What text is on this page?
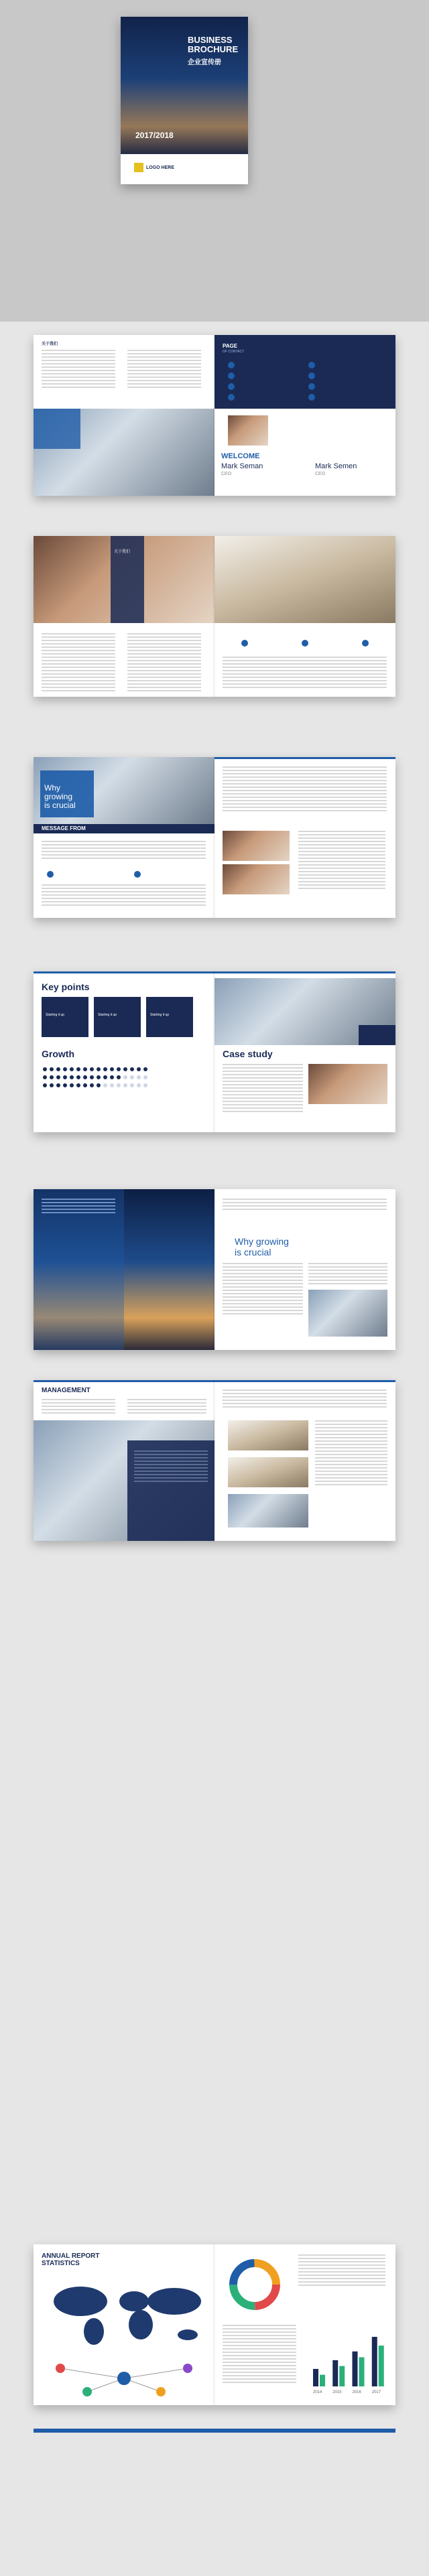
BUSINESS
BROCHURE
企业宣传册
2017/2018
LOGO HERE
关于我们	PAGE
OF CONTACT
WELCOME
Mark Seman
CEO
Mark Semen
CEO
关于我们
Why
growing
is crucial
MESSAGE FROM
Key points
Starting it up	Starting it up	Starting it up
Growth	Case study
Why growing
is crucial
MANAGEMENT
ANNUAL REPORT
STATISTICS
2014	2015	2016	2017
